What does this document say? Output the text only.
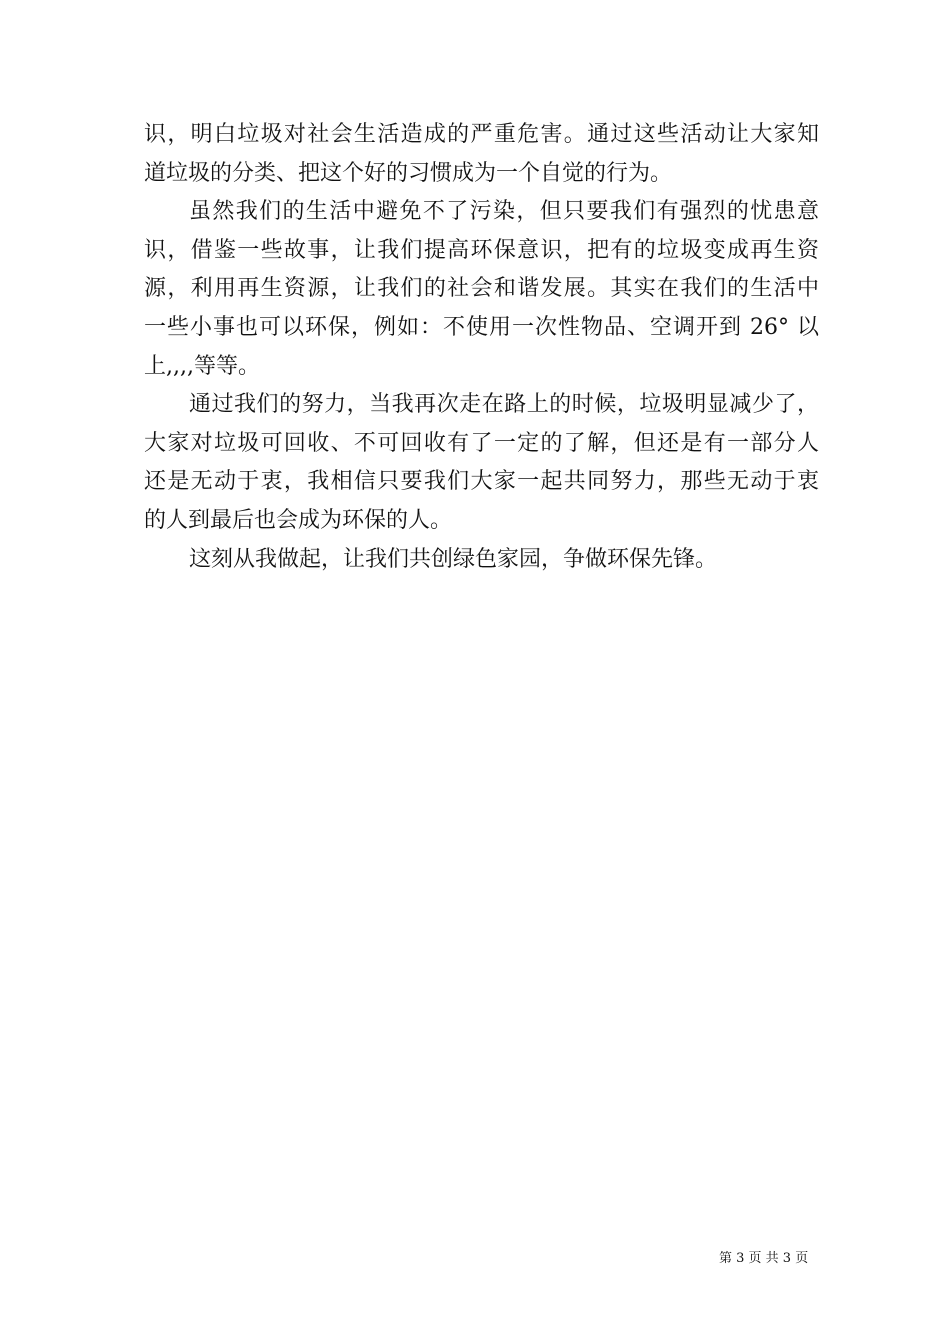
识，明白垃圾对社会生活造成的严重危害。通过这些活动让大家知
道垃圾的分类、把这个好的习惯成为一个自觉的行为。
虽然我们的生活中避免不了污染，但只要我们有强烈的忧患意
识，借鉴一些故事，让我们提高环保意识，把有的垃圾变成再生资
源，利用再生资源，让我们的社会和谐发展。其实在我们的生活中
一些小事也可以环保，例如：不使用一次性物品、空调开到 26° 以
上,,,,等等。
通过我们的努力，当我再次走在路上的时候，垃圾明显减少了，
大家对垃圾可回收、不可回收有了一定的了解，但还是有一部分人
还是无动于衷，我相信只要我们大家一起共同努力，那些无动于衷
的人到最后也会成为环保的人。
这刻从我做起，让我们共创绿色家园，争做环保先锋。
第 3 页 共 3 页
